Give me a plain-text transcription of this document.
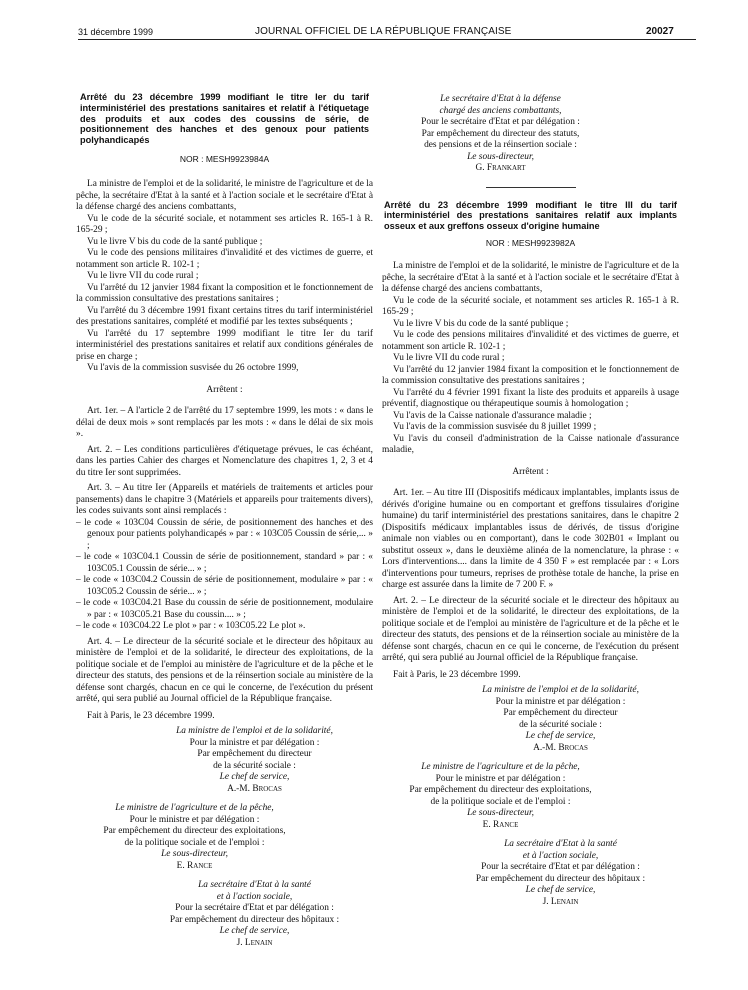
31 décembre 1999	JOURNAL OFFICIEL DE LA RÉPUBLIQUE FRANÇAISE	20027

Arrêté du 23 décembre 1999 modifiant le titre Ier du tarif interministériel des prestations sanitaires et relatif à l'étiquetage des produits et aux codes des coussins de série, de positionnement des hanches et des genoux pour patients polyhandicapés

NOR : MESH9923984A

La ministre de l'emploi et de la solidarité, le ministre de l'agriculture et de la pêche, la secrétaire d'Etat à la santé et à l'action sociale et le secrétaire d'Etat à la défense chargé des anciens combattants,

Vu le code de la sécurité sociale, et notamment ses articles R. 165-1 à R. 165-29 ;

Vu le livre V bis du code de la santé publique ;

Vu le code des pensions militaires d'invalidité et des victimes de guerre, et notamment son article R. 102-1 ;

Vu le livre VII du code rural ;

Vu l'arrêté du 12 janvier 1984 fixant la composition et le fonctionnement de la commission consultative des prestations sanitaires ;

Vu l'arrêté du 3 décembre 1991 fixant certains titres du tarif interministériel des prestations sanitaires, complété et modifié par les textes subséquents ;

Vu l'arrêté du 17 septembre 1999 modifiant le titre Ier du tarif interministériel des prestations sanitaires et relatif aux conditions générales de prise en charge ;

Vu l'avis de la commission susvisée du 26 octobre 1999,

Arrêtent :

Art. 1er. – A l'article 2 de l'arrêté du 17 septembre 1999, les mots : « dans le délai de deux mois » sont remplacés par les mots : « dans le délai de six mois ».

Art. 2. – Les conditions particulières d'étiquetage prévues, le cas échéant, dans les parties Cahier des charges et Nomenclature des chapitres 1, 2, 3 et 4 du titre Ier sont supprimées.

Art. 3. – Au titre Ier (Appareils et matériels de traitements et articles pour pansements) dans le chapitre 3 (Matériels et appareils pour traitements divers), les codes suivants sont ainsi remplacés :

– le code « 103C04 Coussin de série, de positionnement des hanches et des genoux pour patients polyhandicapés » par : « 103C05 Coussin de série,... » ;

– le code « 103C04.1 Coussin de série de positionnement, standard » par : « 103C05.1 Coussin de série... » ;

– le code « 103C04.2 Coussin de série de positionnement, modulaire » par : « 103C05.2 Coussin de série... » ;

– le code « 103C04.21 Base du coussin de série de positionnement, modulaire » par : « 103C05.21 Base du coussin.... » ;

– le code « 103C04.22 Le plot » par : « 103C05.22 Le plot ».

Art. 4. – Le directeur de la sécurité sociale et le directeur des hôpitaux au ministère de l'emploi et de la solidarité, le directeur des exploitations, de la politique sociale et de l'emploi au ministère de l'agriculture et de la pêche et le directeur des statuts, des pensions et de la réinsertion sociale au ministère de la défense sont chargés, chacun en ce qui le concerne, de l'exécution du présent arrêté, qui sera publié au Journal officiel de la République française.

Fait à Paris, le 23 décembre 1999.

La ministre de l'emploi et de la solidarité,
Pour la ministre et par délégation :
Par empêchement du directeur
de la sécurité sociale :
Le chef de service,
A.-M. Brocas
Le ministre de l'agriculture et de la pêche,
Pour le ministre et par délégation :
Par empêchement du directeur des exploitations,
de la politique sociale et de l'emploi :
Le sous-directeur,
E. Rance
La secrétaire d'Etat à la santé
et à l'action sociale,
Pour la secrétaire d'Etat et par délégation :
Par empêchement du directeur des hôpitaux :
Le chef de service,
J. Lenain
Le secrétaire d'Etat à la défense
chargé des anciens combattants,
Pour le secrétaire d'Etat et par délégation :
Par empêchement du directeur des statuts,
des pensions et de la réinsertion sociale :
Le sous-directeur,
G. Frankart

Arrêté du 23 décembre 1999 modifiant le titre III du tarif interministériel des prestations sanitaires relatif aux implants osseux et aux greffons osseux d'origine humaine

NOR : MESH9923982A

La ministre de l'emploi et de la solidarité, le ministre de l'agriculture et de la pêche, la secrétaire d'Etat à la santé et à l'action sociale et le secrétaire d'Etat à la défense chargé des anciens combattants,

Vu le code de la sécurité sociale, et notamment ses articles R. 165-1 à R. 165-29 ;

Vu le livre V bis du code de la santé publique ;

Vu le code des pensions militaires d'invalidité et des victimes de guerre, et notamment son article R. 102-1 ;

Vu le livre VII du code rural ;

Vu l'arrêté du 12 janvier 1984 fixant la composition et le fonctionnement de la commission consultative des prestations sanitaires ;

Vu l'arrêté du 4 février 1991 fixant la liste des produits et appareils à usage préventif, diagnostique ou thérapeutique soumis à homologation ;

Vu l'avis de la Caisse nationale d'assurance maladie ;

Vu l'avis de la commission susvisée du 8 juillet 1999 ;

Vu l'avis du conseil d'administration de la Caisse nationale d'assurance maladie,

Arrêtent :

Art. 1er. – Au titre III (Dispositifs médicaux implantables, implants issus de dérivés d'origine humaine ou en comportant et greffons tissulaires d'origine humaine) du tarif interministériel des prestations sanitaires, dans le chapitre 2 (Dispositifs médicaux implantables issus de dérivés, de tissus d'origine animale non viables ou en comportant), dans le code 302B01 « Implant ou substitut osseux », dans le deuxième alinéa de la nomenclature, la phrase : « Lors d'interventions.... dans la limite de 4 350 F » est remplacée par : « Lors d'interventions pour tumeurs, reprises de prothèse totale de hanche, la prise en charge est assurée dans la limite de 7 200 F. »

Art. 2. – Le directeur de la sécurité sociale et le directeur des hôpitaux au ministère de l'emploi et de la solidarité, le directeur des exploitations, de la politique sociale et de l'emploi au ministère de l'agriculture et de la pêche et le directeur des statuts, des pensions et de la réinsertion sociale au ministère de la défense sont chargés, chacun en ce qui le concerne, de l'exécution du présent arrêté, qui sera publié au Journal officiel de la République française.

Fait à Paris, le 23 décembre 1999.

La ministre de l'emploi et de la solidarité,
Pour la ministre et par délégation :
Par empêchement du directeur
de la sécurité sociale :
Le chef de service,
A.-M. Brocas
Le ministre de l'agriculture et de la pêche,
Pour le ministre et par délégation :
Par empêchement du directeur des exploitations,
de la politique sociale et de l'emploi :
Le sous-directeur,
E. Rance
La secrétaire d'Etat à la santé
et à l'action sociale,
Pour la secrétaire d'Etat et par délégation :
Par empêchement du directeur des hôpitaux :
Le chef de service,
J. Lenain
